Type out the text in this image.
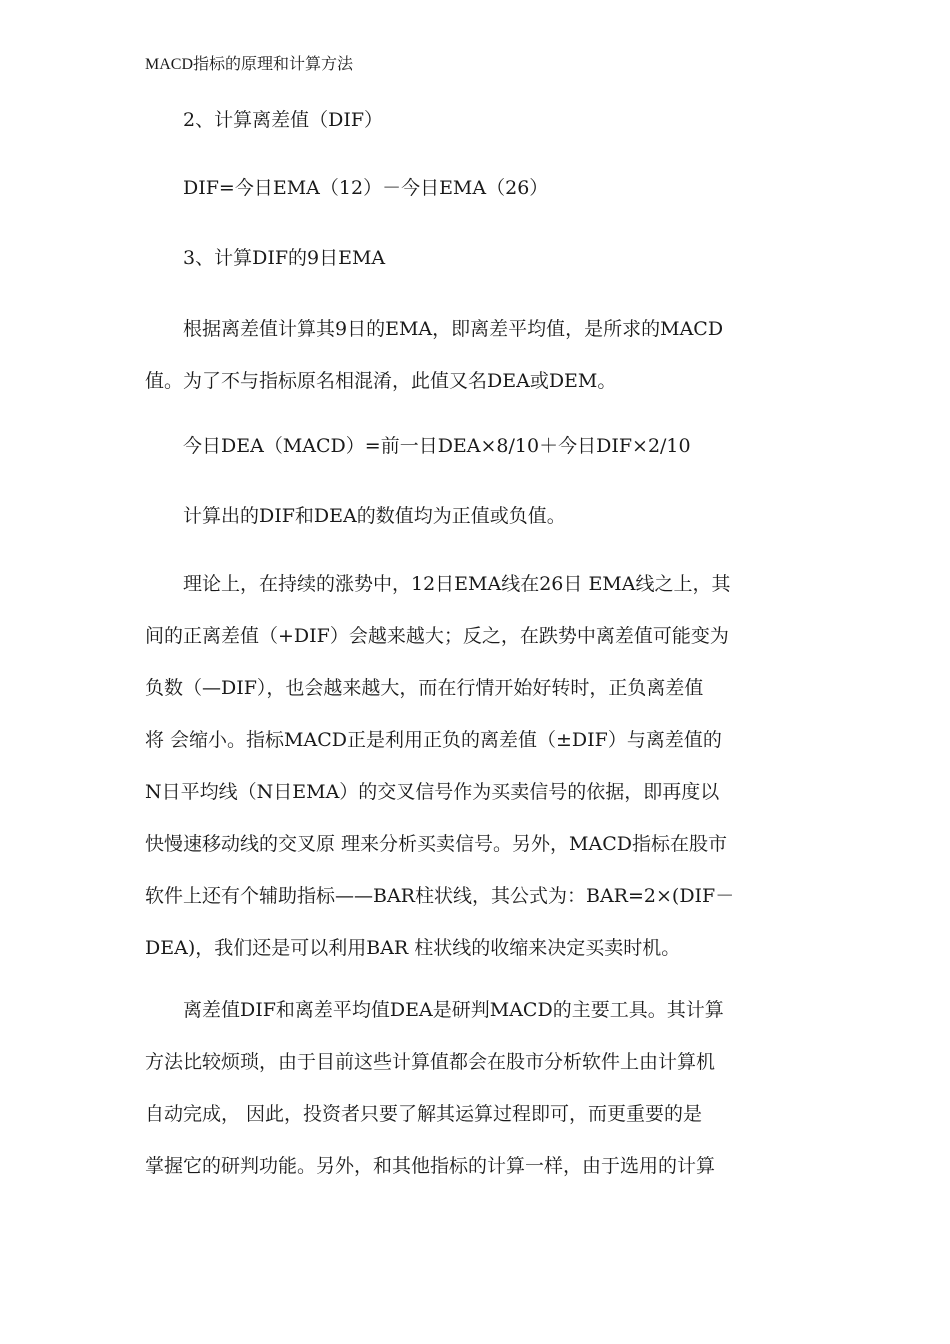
MACD指标的原理和计算方法

2、计算离差值（DIF）

DIF=今日EMA（12）－今日EMA（26）

3、计算DIF的9日EMA

根据离差值计算其9日的EMA，即离差平均值，是所求的MACD
值。为了不与指标原名相混淆，此值又名DEA或DEM。

今日DEA（MACD）=前一日DEA×8/10＋今日DIF×2/10

计算出的DIF和DEA的数值均为正值或负值。

理论上，在持续的涨势中，12日EMA线在26日 EMA线之上，其
间的正离差值（+DIF）会越来越大；反之，在跌势中离差值可能变为
负数（—DIF），也会越来越大，而在行情开始好转时，正负离差值
将 会缩小。指标MACD正是利用正负的离差值（±DIF）与离差值的
N日平均线（N日EMA）的交叉信号作为买卖信号的依据，即再度以
快慢速移动线的交叉原 理来分析买卖信号。另外，MACD指标在股市
软件上还有个辅助指标——BAR柱状线，其公式为：BAR=2×(DIF－
DEA)，我们还是可以利用BAR 柱状线的收缩来决定买卖时机。
离差值DIF和离差平均值DEA是研判MACD的主要工具。其计算
方法比较烦琐，由于目前这些计算值都会在股市分析软件上由计算机
自动完成， 因此，投资者只要了解其运算过程即可，而更重要的是
掌握它的研判功能。另外，和其他指标的计算一样，由于选用的计算
